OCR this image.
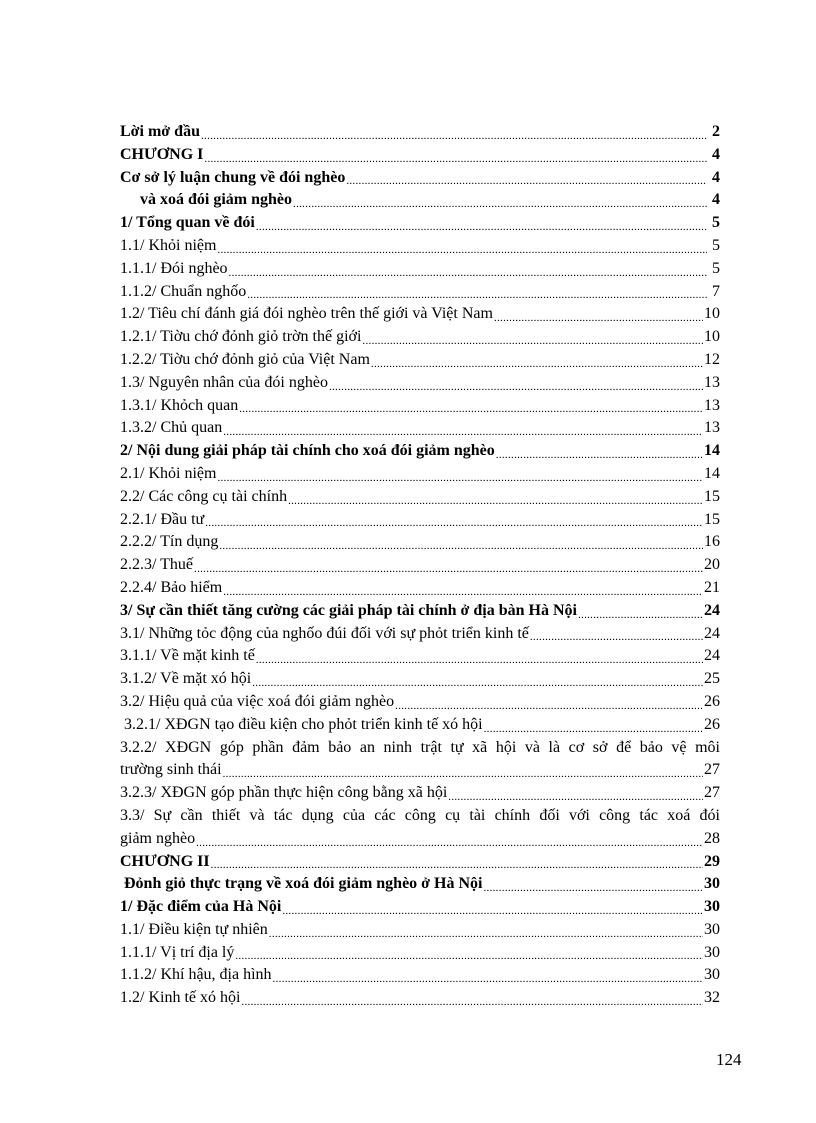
Lời mở đầu .....	2
CHƯƠNG I .....	4
Cơ sở lý luận chung về đói nghèo .....	4
và xoá đói giảm nghèo .....	4
1/ Tổng quan về đói .....	5
1.1/ Khỏi niệm .....	5
1.1.1/ Đói nghèo .....	5
1.1.2/ Chuẩn nghốo .....	7
1.2/ Tiêu chí đánh giá đói nghèo trên thế giới và Việt Nam .....	10
1.2.1/ Tiờu chớ đỏnh giỏ trờn thế giới .....	10
1.2.2/ Tiờu chớ đỏnh giỏ của Việt Nam .....	12
1.3/ Nguyên nhân của đói nghèo .....	13
1.3.1/ Khỏch quan .....	13
1.3.2/ Chủ quan .....	13
2/ Nội dung giải pháp tài chính cho xoá đói giảm nghèo .....	14
2.1/ Khỏi niệm .....	14
2.2/ Các công cụ tài chính .....	15
2.2.1/ Đầu tư .....	15
2.2.2/ Tín dụng .....	16
2.2.3/ Thuế .....	20
2.2.4/ Bảo hiểm .....	21
3/ Sự cần thiết tăng cường các giải pháp tài chính ở địa bàn Hà Nội .....	24
3.1/ Những tỏc động của nghốo đúi đối với sự phỏt triển kinh tế .....	24
3.1.1/ Về mặt kinh tế .....	24
3.1.2/ Về mặt xó hội .....	25
3.2/ Hiệu quả của việc xoá đói giảm nghèo .....	26
3.2.1/ XĐGN tạo điều kiện cho phỏt triển kinh tế xó hội .....	26
3.2.2/ XĐGN góp phần đảm bảo an ninh trật tự xã hội và là cơ sở để bảo vệ môi
trường sinh thái .....	27
3.2.3/ XĐGN góp phần thực hiện công bằng xã hội .....	27
3.3/ Sự cần thiết và tác dụng của các công cụ tài chính đối với công tác xoá đói
giảm nghèo .....	28
CHƯƠNG II .....	29
Đỏnh giỏ thực trạng về xoá đói giảm nghèo ở Hà Nội .....	30
1/ Đặc điểm của Hà Nội .....	30
1.1/ Điều kiện tự nhiên .....	30
1.1.1/ Vị trí địa lý .....	30
1.1.2/ Khí hậu, địa hình .....	30
1.2/ Kinh tế xó hội .....	32
124
